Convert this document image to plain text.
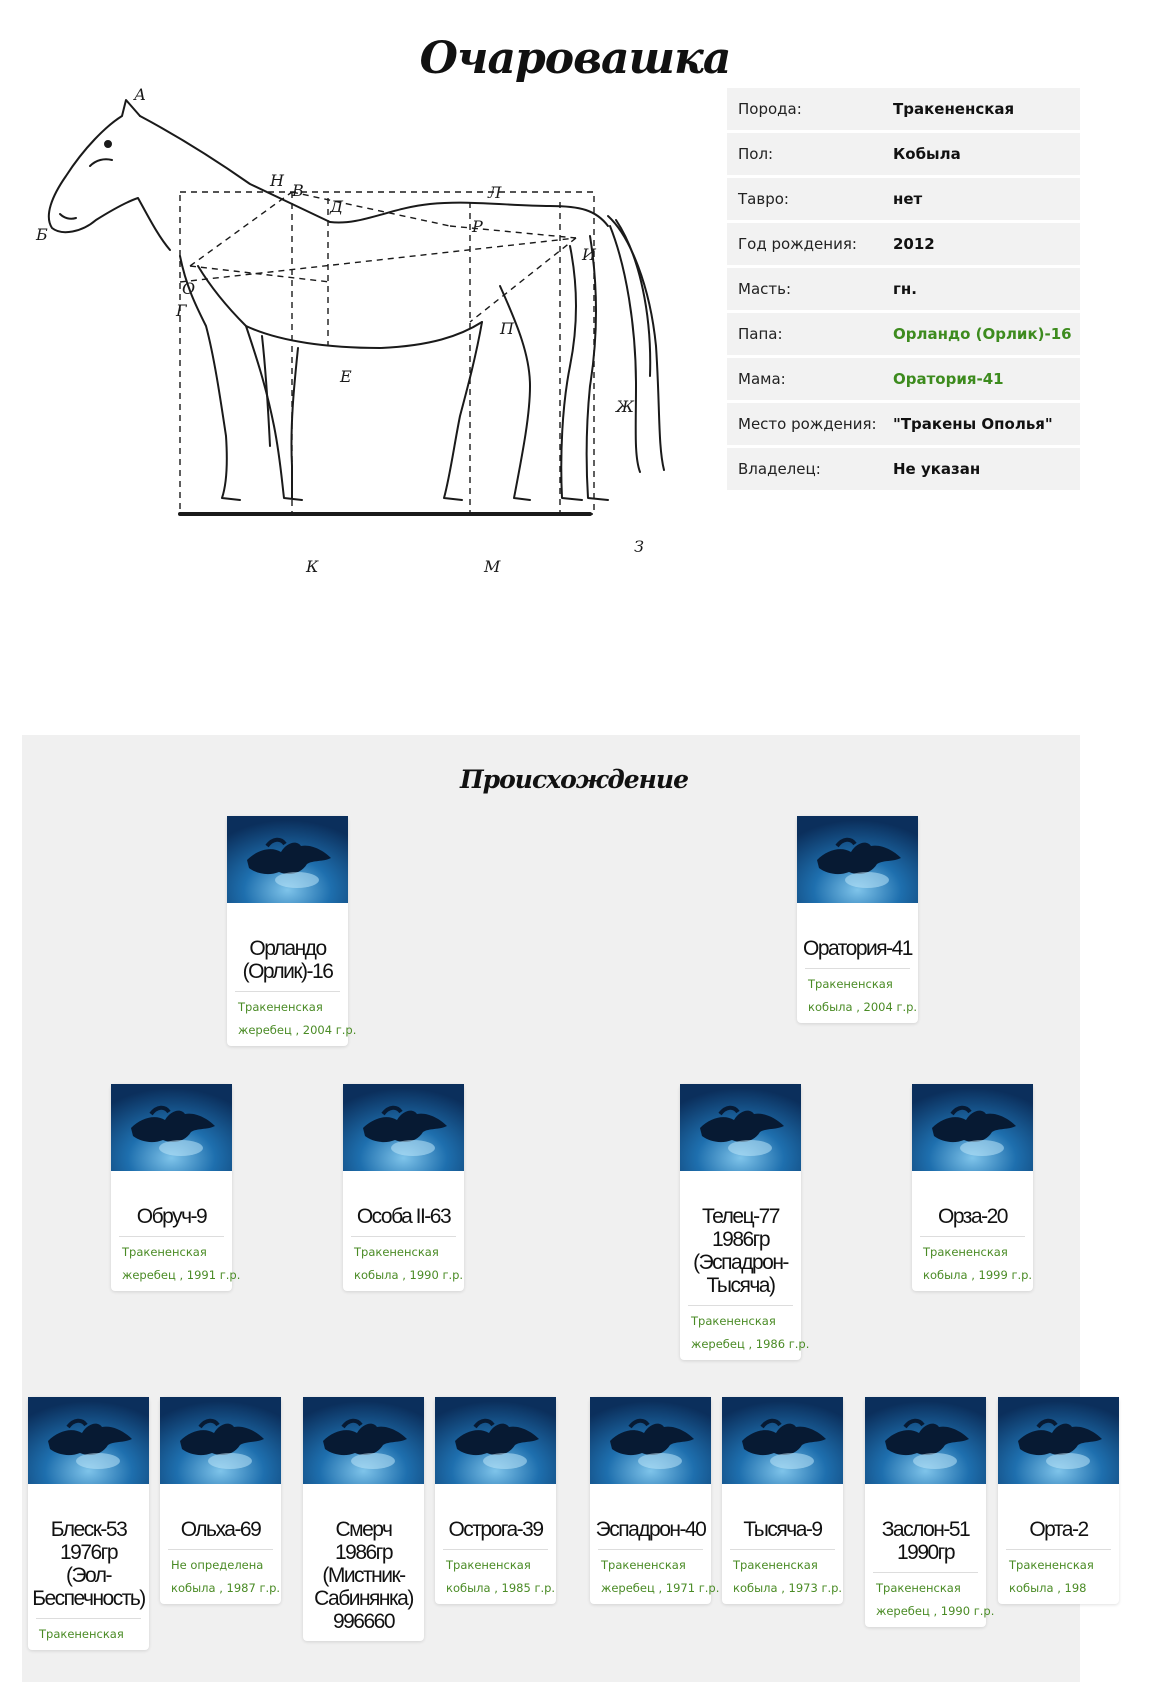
Очаровашка
А
Б
Н
В
Д
Л
Р
И
О
Г
Е
П
Ж
К	М
З
Порода:	Тракененская
Пол:	Кобыла
Тавро:	нет
Год рождения:	2012
Масть:	гн.
Папа:	Орландо (Орлик)-16
Мама:	Оратория-41
Место рождения:	"Тракены Ополья"
Владелец:	Не указан
Происхождение
Орландо
(Орлик)-16
Тракененская
жеребец , 2004 г.р.
Оратория-41
Тракененская
кобыла , 2004 г.р.
Обруч-9
Тракененская
жеребец , 1991 г.р.
Особа II-63
Тракененская
кобыла , 1990 г.р.
Телец-77
1986гр
(Эспадрон-
Тысяча)
Тракененская
жеребец , 1986 г.р.
Орза-20
Тракененская
кобыла , 1999 г.р.
Блеск-53
1976гр
(Эол-
Беспечность)
Тракененская
Ольха-69
Не определена
кобыла , 1987 г.р.
Смерч
1986гр
(Мистник-
Сабинянка)
996660
Острога-39
Тракененская
кобыла , 1985 г.р.
Эспадрон-40
Тракененская
жеребец , 1971 г.р.
Тысяча-9
Тракененская
кобыла , 1973 г.р.
Заслон-51
1990гр
Тракененская
жеребец , 1990 г.р.
Орта-2
Тракененская
кобыла , 198
